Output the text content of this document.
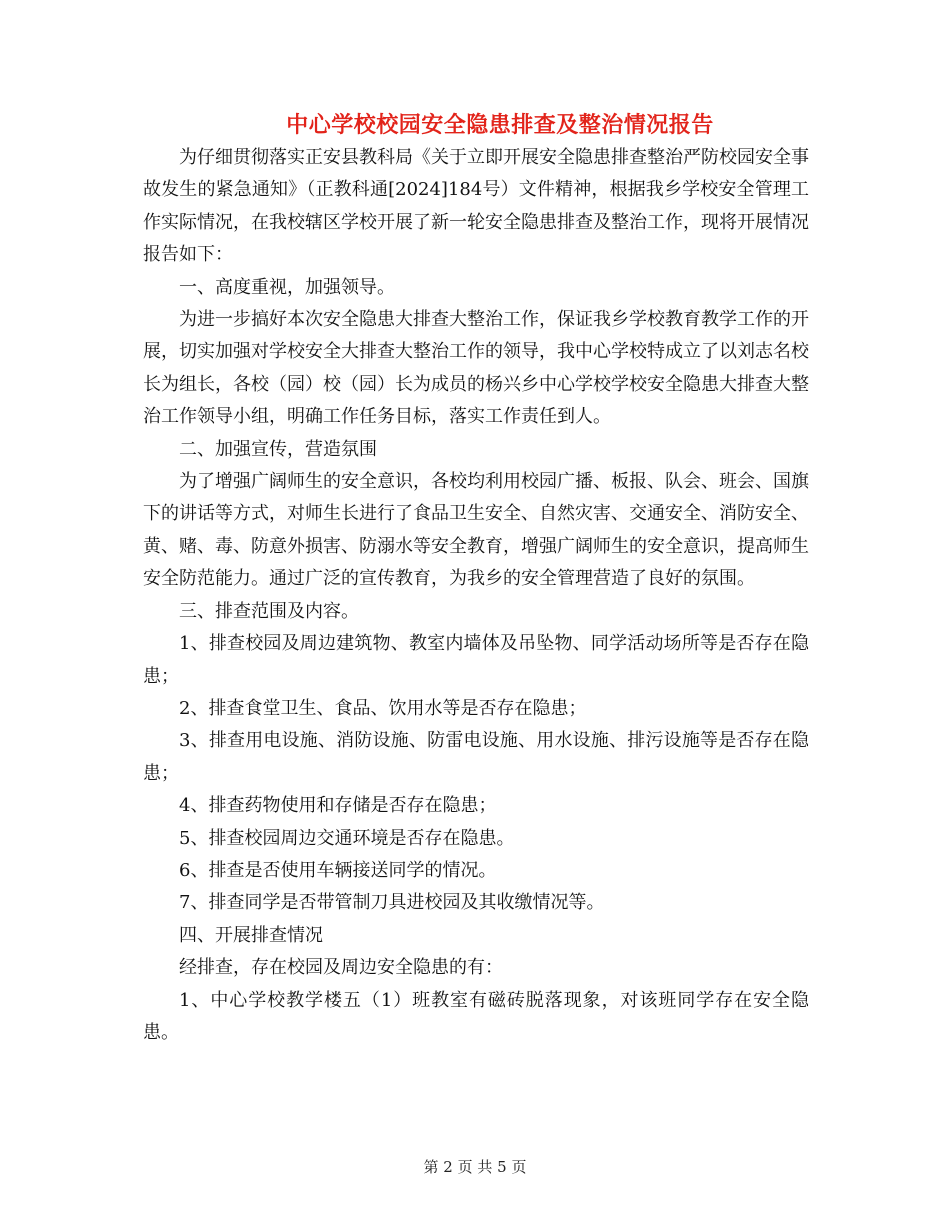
中心学校校园安全隐患排查及整治情况报告

为仔细贯彻落实正安县教科局《关于立即开展安全隐患排查整治严防校园安全事故发生的紧急通知》（正教科通[2024]184号）文件精神，根据我乡学校安全管理工作实际情况，在我校辖区学校开展了新一轮安全隐患排查及整治工作，现将开展情况报告如下：

一、高度重视，加强领导。

为进一步搞好本次安全隐患大排查大整治工作，保证我乡学校教育教学工作的开展，切实加强对学校安全大排查大整治工作的领导，我中心学校特成立了以刘志名校长为组长，各校（园）校（园）长为成员的杨兴乡中心学校学校安全隐患大排查大整治工作领导小组，明确工作任务目标，落实工作责任到人。

二、加强宣传，营造氛围

为了增强广阔师生的安全意识，各校均利用校园广播、板报、队会、班会、国旗下的讲话等方式，对师生长进行了食品卫生安全、自然灾害、交通安全、消防安全、黄、赌、毒、防意外损害、防溺水等安全教育，增强广阔师生的安全意识，提高师生安全防范能力。通过广泛的宣传教育，为我乡的安全管理营造了良好的氛围。

三、排查范围及内容。

1、排查校园及周边建筑物、教室内墙体及吊坠物、同学活动场所等是否存在隐患；

2、排查食堂卫生、食品、饮用水等是否存在隐患；

3、排查用电设施、消防设施、防雷电设施、用水设施、排污设施等是否存在隐患；

4、排查药物使用和存储是否存在隐患；

5、排查校园周边交通环境是否存在隐患。

6、排查是否使用车辆接送同学的情况。

7、排查同学是否带管制刀具进校园及其收缴情况等。

四、开展排查情况

经排查，存在校园及周边安全隐患的有：

1、中心学校教学楼五（1）班教室有磁砖脱落现象，对该班同学存在安全隐患。

第 2 页 共 5 页
